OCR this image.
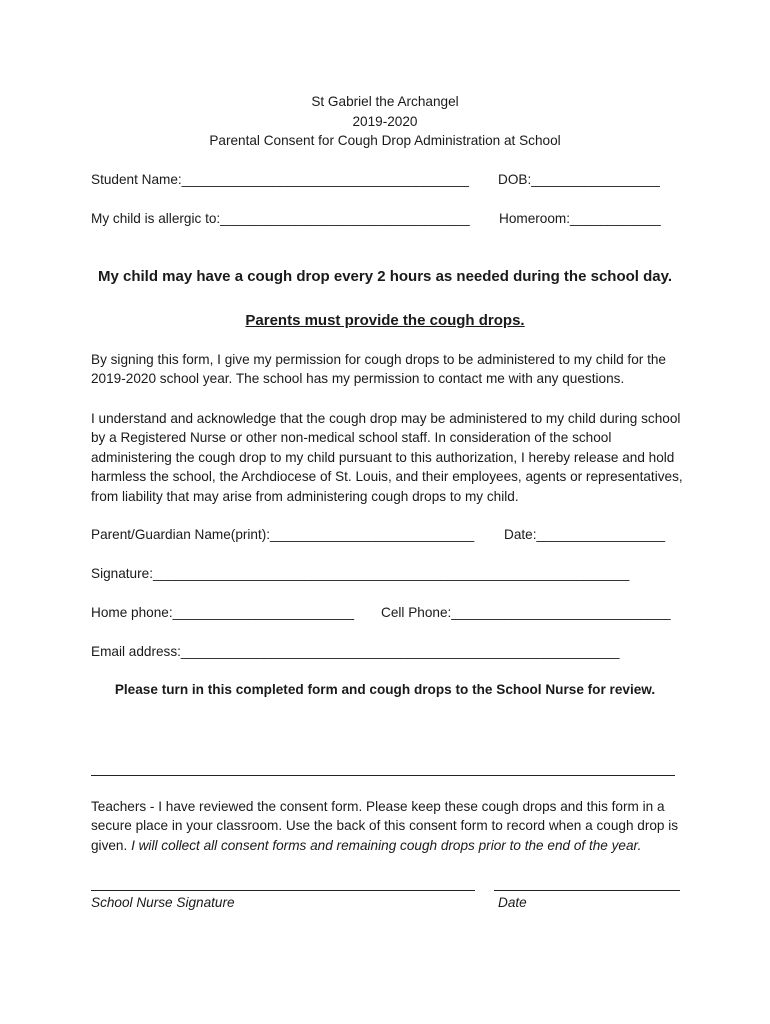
St Gabriel the Archangel
2019-2020
Parental Consent for Cough Drop Administration at School
Student Name:______________________________________ DOB:_________________
My child is allergic to:_________________________________ Homeroom:____________
My child may have a cough drop every 2 hours as needed during the school day.
Parents must provide the cough drops.
By signing this form, I give my permission for cough drops to be administered to my child for the 2019-2020 school year. The school has my permission to contact me with any questions.
I understand and acknowledge that the cough drop may be administered to my child during school by a Registered Nurse or other non-medical school staff. In consideration of the school administering the cough drop to my child pursuant to this authorization, I hereby release and hold harmless the school, the Archdiocese of St. Louis, and their employees, agents or representatives, from liability that may arise from administering cough drops to my child.
Parent/Guardian Name(print):___________________________ Date:_________________
Signature:_______________________________________________________________
Home phone:________________________ Cell Phone:_____________________________
Email address:__________________________________________________________
Please turn in this completed form and cough drops to the School Nurse for review.
Teachers - I have reviewed the consent form. Please keep these cough drops and this form in a secure place in your classroom. Use the back of this consent form to record when a cough drop is given. I will collect all consent forms and remaining cough drops prior to the end of the year.
School Nurse Signature	Date
